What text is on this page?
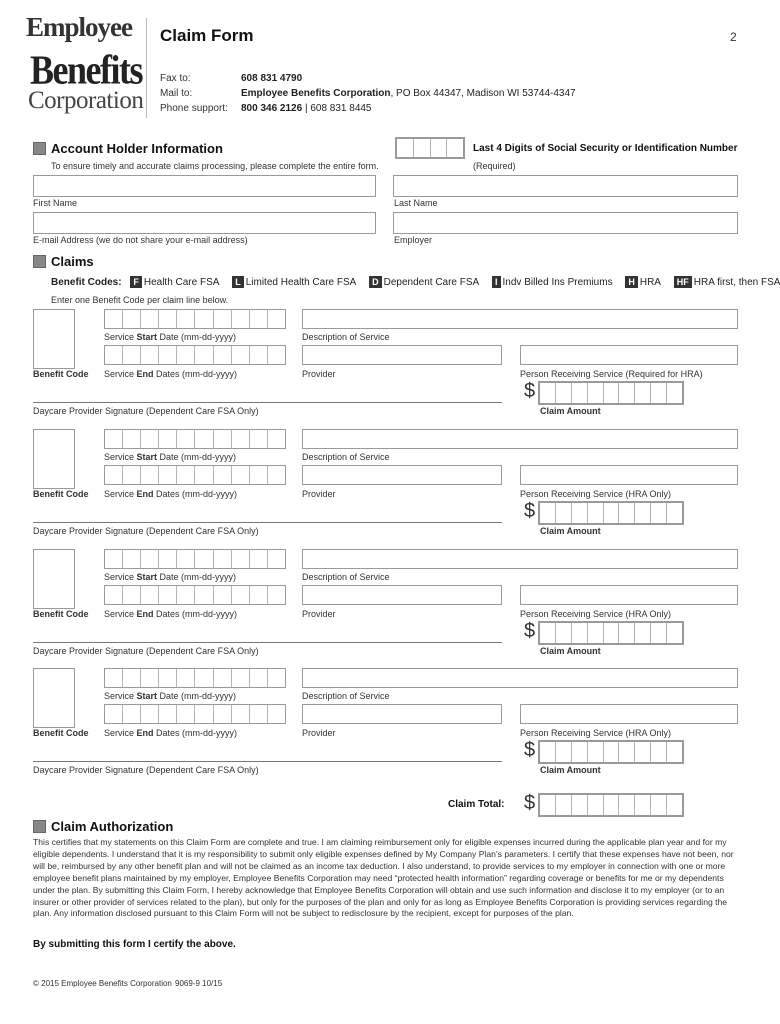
Employee
Benefits
Corporation
Claim Form	2
Fax to:	608 831 4790
Mail to:	Employee Benefits Corporation, PO Box 44347, Madison WI 53744-4347
Phone support: 800 346 2126 | 608 831 8445
Account Holder Information
To ensure timely and accurate claims processing, please complete the entire form.
Last 4 Digits of Social Security or Identification Number
(Required)
First Name	Last Name
E-mail Address (we do not share your e-mail address)	Employer
Claims
Benefit Codes: F Health Care FSA L Limited Health Care FSA D Dependent Care FSA I Indv Billed Ins Premiums H HRA HF HRA first, then FSA
Enter one Benefit Code per claim line below.
Service Start Date (mm-dd-yyyy)	Description of Service
Benefit Code Service End Dates (mm-dd-yyyy)	Provider	Person Receiving Service (Required for HRA)
Daycare Provider Signature (Dependent Care FSA Only)
$
Claim Amount
Service Start Date (mm-dd-yyyy)	Description of Service
Benefit Code Service End Dates (mm-dd-yyyy)	Provider	Person Receiving Service (HRA Only)
Daycare Provider Signature (Dependent Care FSA Only)
$
Claim Amount
Service Start Date (mm-dd-yyyy)	Description of Service
Benefit Code Service End Dates (mm-dd-yyyy)	Provider	Person Receiving Service (HRA Only)
Daycare Provider Signature (Dependent Care FSA Only)
$
Claim Amount
Service Start Date (mm-dd-yyyy)	Description of Service
Benefit Code Service End Dates (mm-dd-yyyy)	Provider	Person Receiving Service (HRA Only)
Daycare Provider Signature (Dependent Care FSA Only)
$
Claim Amount
Claim Total: $
Claim Authorization
This certifies that my statements on this Claim Form are complete and true. I am claiming reimbursement only for eligible expenses incurred during the applicable plan year and for my eligible dependents. I understand that it is my responsibility to submit only eligible expenses defined by My Company Plan’s parameters. I certify that these expenses have not been, nor will be, reimbursed by any other benefit plan and will not be claimed as an income tax deduction. I also understand, to provide services to my employer in connection with one or more employee benefit plans maintained by my employer, Employee Benefits Corporation may need “protected health information” regarding coverage or benefits for me or my dependents under the plan. By submitting this Claim Form, I hereby acknowledge that Employee Benefits Corporation will obtain and use such information and disclose it to my employer (or to an insurer or other provider of services related to the plan), but only for the purposes of the plan and only for as long as Employee Benefits Corporation is providing services regarding the plan. Any information disclosed pursuant to this Claim Form will not be subject to redisclosure by the recipient, except for purposes of the plan.
By submitting this form I certify the above.
© 2015 Employee Benefits Corporation 9069-9 10/15
